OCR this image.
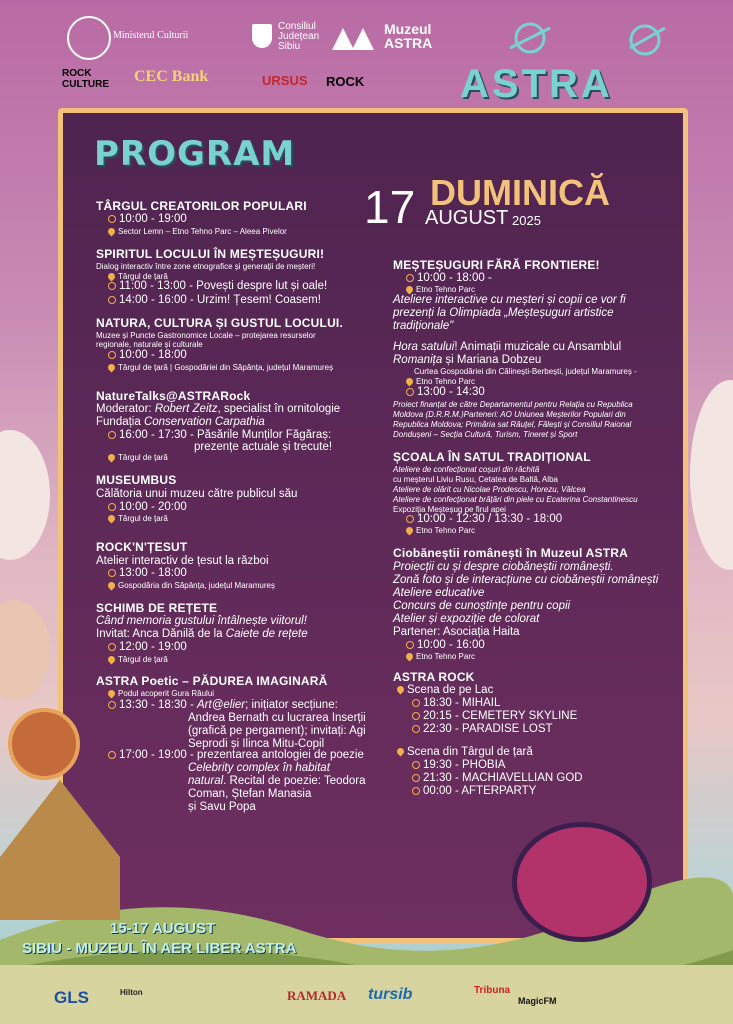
Ministerul Culturii
Consiliul Județean Sibiu
Muzeul ASTRA
ROCK CULTURE CEC Bank	URSUS ROCK ASTRA
PROGRAM
17 DUMINICĂ
AUGUST 2025
TÂRGUL CREATORILOR POPULARI
10:00 - 19:00
Sector Lemn – Etno Tehno Parc – Aleea Pivelor
SPIRITUL LOCULUI ÎN MEȘTEȘUGURI!
Dialog interactiv între zone etnografice și generații de meșteri!
Târgul de țară
11:00 - 13:00 - Povești despre lut și oale!
14:00 - 16:00 - Urzim! Țesem! Coasem!
NATURA, CULTURA ȘI GUSTUL LOCULUI.
Muzee și Puncte Gastronomice Locale – protejarea resurselor
regionale, naturale și culturale
10:00 - 18:00
Târgul de țară | Gospodăriei din Săpânța, județul Maramureș
NatureTalks@ASTRARock
Moderator: Robert Zeitz, specialist în ornitologie
Fundația Conservation Carpathia
16:00 - 17:30 - Păsările Munților Făgăraș:
prezențe actuale și trecute!
Târgul de țară
MUSEUMBUS
Călătoria unui muzeu către publicul său
10:00 - 20:00
Târgul de țară
ROCK'N'ȚESUT
Atelier interactiv de țesut la război
13:00 - 18:00
Gospodăria din Săpânța, județul Maramureș
SCHIMB DE REȚETE
Când memoria gustului întâlnește viitorul!
Invitat: Anca Dănilă de la Caiete de rețete
12:00 - 19:00
Târgul de țară
ASTRA Poetic – PĂDUREA IMAGINARĂ
Podul acoperit Gura Râului
13:30 - 18:30 - Art@elier; inițiator secțiune:
Andrea Bernath cu lucrarea Inserții
(grafică pe pergament); invitați: Agi
Seprodi și Ilinca Mitu-Copil
17:00 - 19:00 - prezentarea antologiei de poezie
Celebrity complex în habitat
natural. Recital de poezie: Teodora
Coman, Ștefan Manasia
și Savu Popa
MEȘTEȘUGURI FĂRĂ FRONTIERE!
10:00 - 18:00 -
Etno Tehno Parc
Ateliere interactive cu meșteri și copii ce vor fi
prezenți la Olimpiada „Meșteșuguri artistice
tradiționale"
Hora satului! Animații muzicale cu Ansamblul
Romanița și Mariana Dobzeu
Curtea Gospodăriei din Călinești-Berbești, județul Maramureș -
Etno Tehno Parc
13:00 - 14:30
Proiect finanțat de către Departamentul pentru Relația cu Republica
Moldova (D.R.R.M.)Parteneri: AO Uniunea Meșterilor Populari din
Republica Moldova; Primăria sat Răuțel, Fălești și Consiliul Raional
Dondușeni – Secția Cultură, Turism, Tineret și Sport
ȘCOALA ÎN SATUL TRADIȚIONAL
Ateliere de confecționat coșuri din răchită
cu meșterul Liviu Rusu, Cetatea de Baltă, Alba
Ateliere de olărit cu Nicolae Prodescu, Horezu, Vâlcea
Ateliere de confecționat brățări din piele cu Ecaterina Constantinescu
Expoziția Meșteșug pe firul apei
10:00 - 12:30 / 13:30 - 18:00
Etno Tehno Parc
Ciobăneștii românești în Muzeul ASTRA
Proiecții cu și despre ciobăneștii românești.
Zonă foto și de interacțiune cu ciobăneștii românești
Ateliere educative
Concurs de cunoștințe pentru copii
Atelier și expoziție de colorat
Partener: Asociația Haita
10:00 - 16:00
Etno Tehno Parc
ASTRA ROCK
Scena de pe Lac
18:30 - MIHAIL
20:15 - CEMETERY SKYLINE
22:30 - PARADISE LOST
Scena din Târgul de țară
19:30 - PHOBIA
21:30 - MACHIAVELLIAN GOD
00:00 - AFTERPARTY
15-17 AUGUST
SIBIU - MUZEUL ÎN AER LIBER ASTRA
GLS	Hilton	RAMADA tursib	Tribuna
MagicFM
